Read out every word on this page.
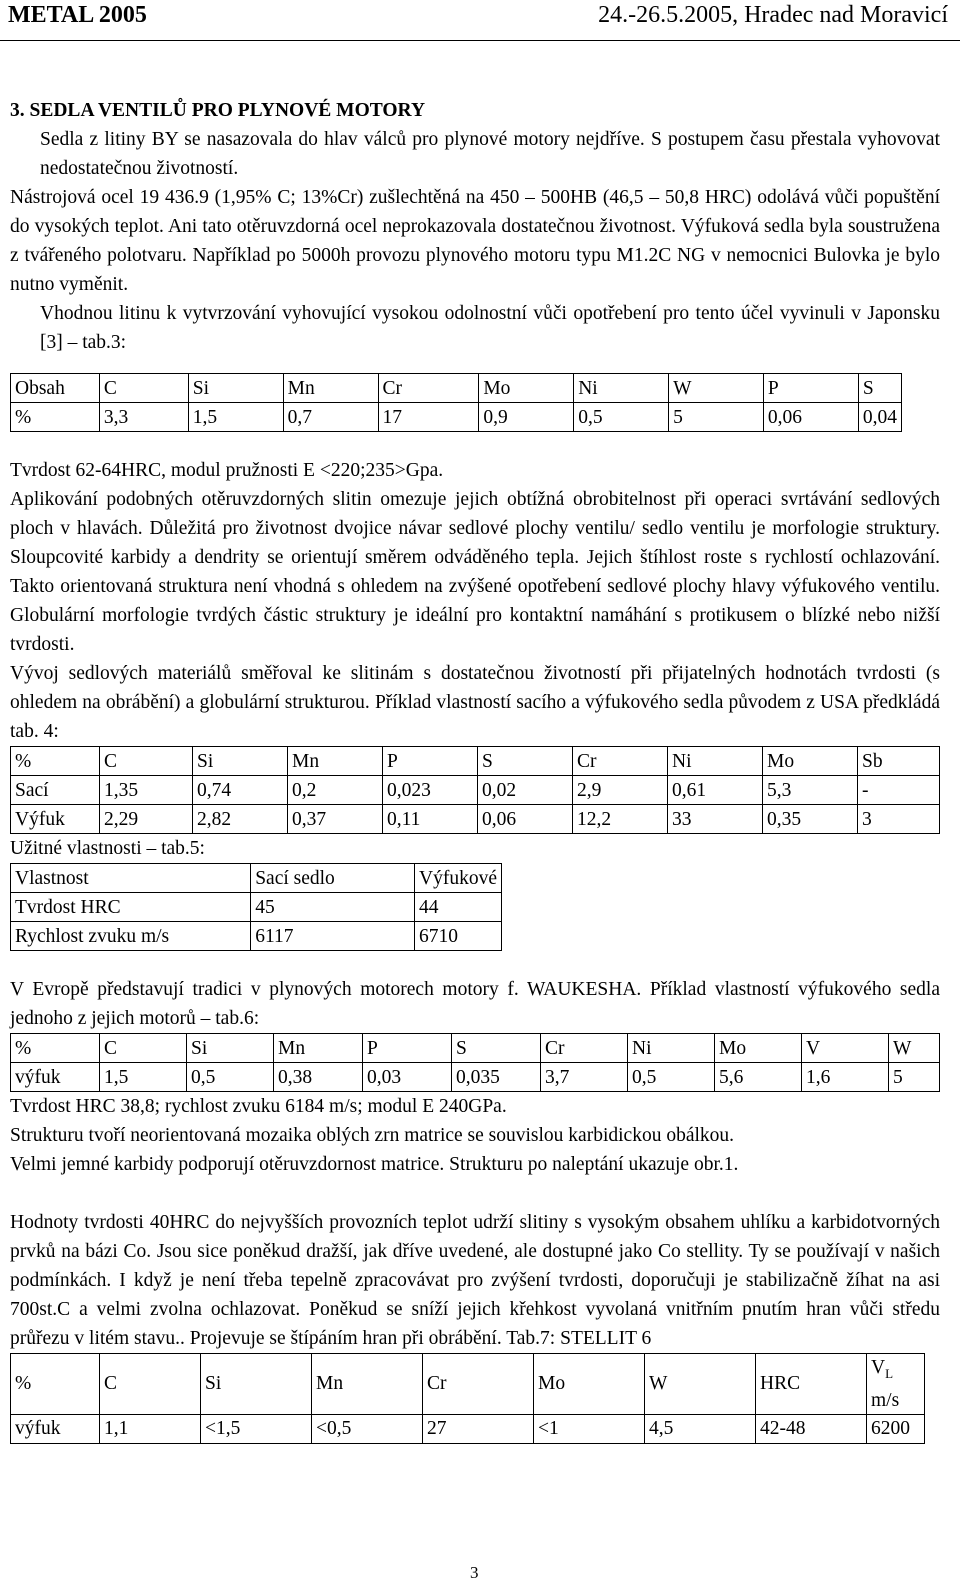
METAL 2005	24.-26.5.2005, Hradec nad Moravicí

3. SEDLA VENTILŮ PRO PLYNOVÉ MOTORY

Sedla z litiny BY se nasazovala do hlav válců pro plynové motory nejdříve. S postupem času přestala vyhovovat nedostatečnou životností.

Nástrojová ocel 19 436.9 (1,95% C; 13%Cr) zušlechtěná na 450 – 500HB (46,5 – 50,8 HRC) odolává vůči popuštění do vysokých teplot. Ani tato otěruvzdorná ocel neprokazovala dostatečnou životnost. Výfuková sedla byla soustružena z tvářeného polotvaru. Například po 5000h provozu plynového motoru typu M1.2C NG v nemocnici Bulovka je bylo nutno vyměnit.

Vhodnou litinu k vytvrzování vyhovující vysokou odolnostní vůči opotřebení pro tento účel vyvinuli v Japonsku [3] – tab.3:

Obsah	C	Si	Mn	Cr	Mo	Ni	W	P	S
%	3,3	1,5	0,7	17	0,9	0,5	5	0,06	0,04

Tvrdost 62-64HRC, modul pružnosti E <220;235>Gpa.

Aplikování podobných otěruvzdorných slitin omezuje jejich obtížná obrobitelnost při operaci svrtávání sedlových ploch v hlavách. Důležitá pro životnost dvojice návar sedlové plochy ventilu/ sedlo ventilu je morfologie struktury. Sloupcovité karbidy a dendrity se orientují směrem odváděného tepla. Jejich štíhlost roste s rychlostí ochlazování. Takto orientovaná struktura není vhodná s ohledem na zvýšené opotřebení sedlové plochy hlavy výfukového ventilu. Globulární morfologie tvrdých částic struktury je ideální pro kontaktní namáhání s protikusem o blízké nebo nižší tvrdosti.

Vývoj sedlových materiálů směřoval ke slitinám s dostatečnou životností při přijatelných hodnotách tvrdosti (s ohledem na obrábění) a globulární strukturou. Příklad vlastností sacího a výfukového sedla původem z USA předkládá tab. 4:

%	C	Si	Mn	P	S	Cr	Ni	Mo	Sb
Sací	1,35	0,74	0,2	0,023	0,02	2,9	0,61	5,3	-
Výfuk	2,29	2,82	0,37	0,11	0,06	12,2	33	0,35	3

Užitné vlastnosti – tab.5:

Vlastnost	Sací sedlo	Výfukové
Tvrdost HRC	45	44
Rychlost zvuku m/s	6117	6710

V Evropě představují tradici v plynových motorech motory f. WAUKESHA. Příklad vlastností výfukového sedla jednoho z jejich motorů – tab.6:

%	C	Si	Mn	P	S	Cr	Ni	Mo	V	W
výfuk	1,5	0,5	0,38	0,03	0,035	3,7	0,5	5,6	1,6	5

Tvrdost HRC 38,8; rychlost zvuku 6184 m/s; modul E 240GPa.

Strukturu tvoří neorientovaná mozaika oblých zrn matrice se souvislou karbidickou obálkou.

Velmi jemné karbidy podporují otěruvzdornost matrice. Strukturu po naleptání ukazuje obr.1.

Hodnoty tvrdosti 40HRC do nejvyšších provozních teplot udrží slitiny s vysokým obsahem uhlíku a karbidotvorných prvků na bázi Co. Jsou sice poněkud dražší, jak dříve uvedené, ale dostupné jako Co stellity. Ty se používají v našich podmínkách. I když je není třeba tepelně zpracovávat pro zvýšení tvrdosti, doporučuji je stabilizačně žíhat na asi 700st.C a velmi zvolna ochlazovat. Poněkud se sníží jejich křehkost vyvolaná vnitřním pnutím hran vůči středu průřezu v litém stavu.. Projevuje se štípáním hran při obrábění. Tab.7: STELLIT 6

%	C	Si	Mn	Cr	Mo	W	HRC	$V_L$ m/s
výfuk	1,1	<1,5	<0,5	27	<1	4,5	42-48	6200
3
